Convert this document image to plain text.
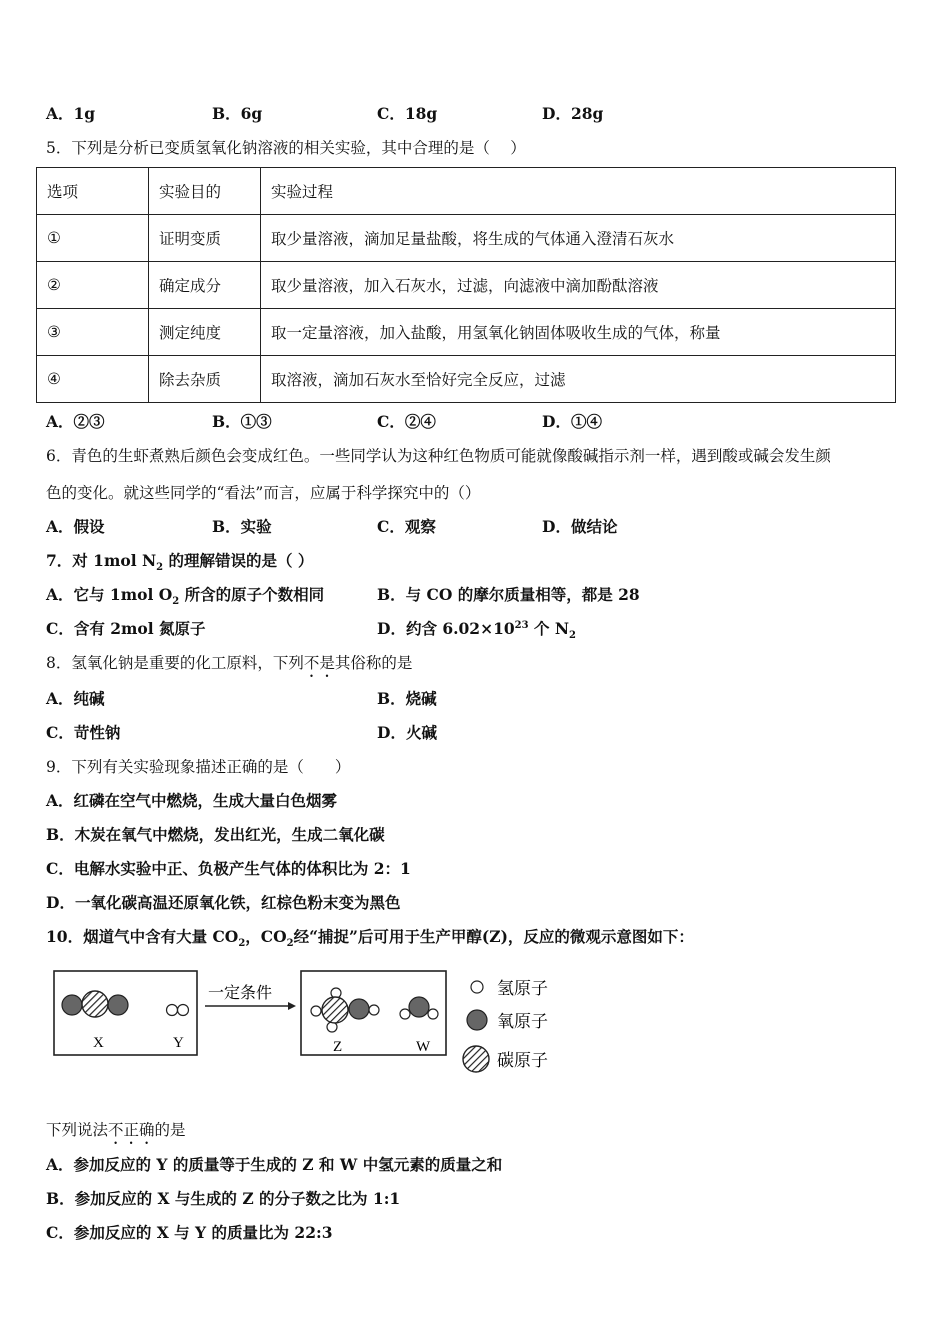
A．1g	B．6g	C．18g	D．28g
5．下列是分析已变质氢氧化钠溶液的相关实验，其中合理的是（　 ）
选项	实验目的	实验过程
①	证明变质	取少量溶液，滴加足量盐酸，将生成的气体通入澄清石灰水
②	确定成分	取少量溶液，加入石灰水，过滤，向滤液中滴加酚酞溶液
③	测定纯度	取一定量溶液，加入盐酸，用氢氧化钠固体吸收生成的气体，称量
④	除去杂质	取溶液，滴加石灰水至恰好完全反应，过滤
A．②③	B．①③	C．②④	D．①④
6．青色的生虾煮熟后颜色会变成红色。一些同学认为这种红色物质可能就像酸碱指示剂一样，遇到酸或碱会发生颜
色的变化。就这些同学的“看法”而言，应属于科学探究中的（）
A．假设	B．实验	C．观察	D．做结论
7．对 1mol $N_2$ 的理解错误的是（ ）
A．它与 1mol $O_2$ 所含的原子个数相同	B．与 CO 的摩尔质量相等，都是 28
C．含有 2mol 氮原子	D．约含 $6.02\times 10^{23}$ 个 $N_2$
8．氢氧化钠是重要的化工原料，下列不是其俗称的是
A．纯碱	B．烧碱
C．苛性钠	D．火碱
9．下列有关实验现象描述正确的是（　　）
A．红磷在空气中燃烧，生成大量白色烟雾
B．木炭在氧气中燃烧，发出红光，生成二氧化碳
C．电解水实验中正、负极产生气体的体积比为 2：1
D．一氧化碳高温还原氧化铁，红棕色粉末变为黑色
10．烟道气中含有大量 $CO_2$，$CO_2$经“捕捉”后可用于生产甲醇(Z)，反应的微观示意图如下：
X	Y
一定条件
Z	W
氢原子
氧原子
碳原子
下列说法不正确的是
A．参加反应的 Y 的质量等于生成的 Z 和 W 中氢元素的质量之和
B．参加反应的 X 与生成的 Z 的分子数之比为 1:1
C．参加反应的 X 与 Y 的质量比为 22:3
